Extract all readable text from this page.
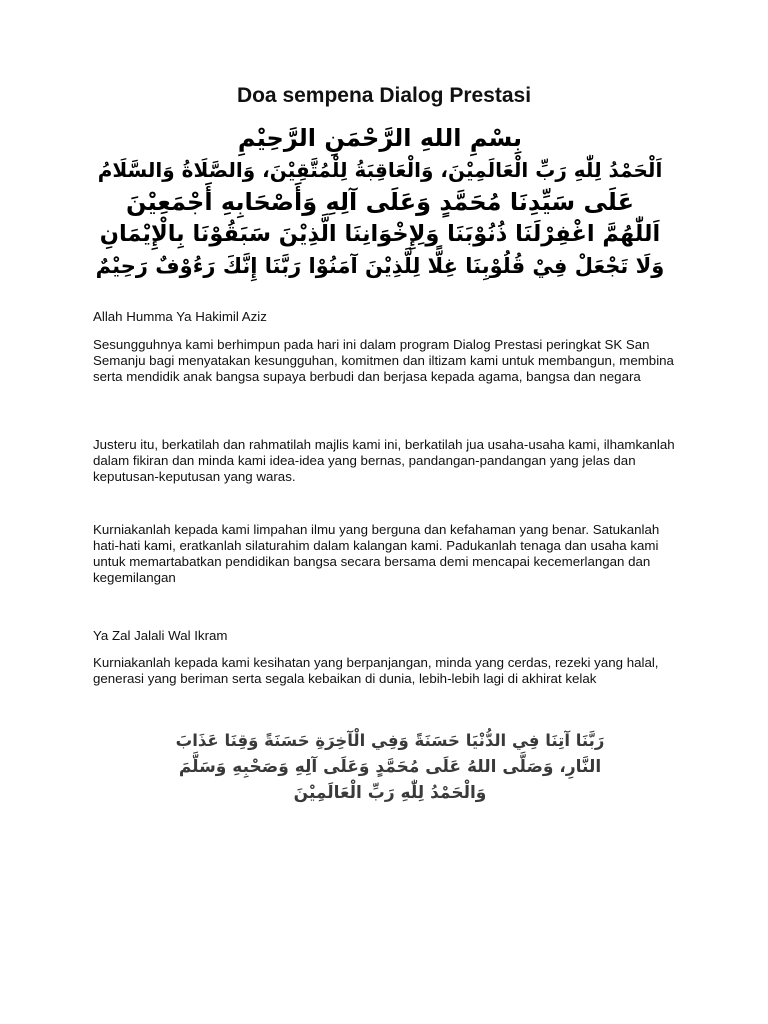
Doa sempena Dialog Prestasi
بِسْمِ اللهِ الرَّحْمَنِ الرَّحِيْمِ
اَلْحَمْدُ لِلّٰهِ رَبِّ الْعَالَمِيْنَ، وَالْعَاقِبَةُ لِلْمُتَّقِيْنَ، وَالصَّلَاةُ وَالسَّلَامُ
عَلَى سَيِّدِنَا مُحَمَّدٍ وَعَلَى آلِهِ وَأَصْحَابِهِ أَجْمَعِيْنَ
اَللّٰهُمَّ اغْفِرْلَنَا ذُنُوْبَنَا وَلِإِخْوَانِنَا الَّذِيْنَ سَبَقُوْنَا بِالْإِيْمَانِ
وَلَا تَجْعَلْ فِيْ قُلُوْبِنَا غِلًّا لِلَّذِيْنَ آمَنُوْا رَبَّنَا إِنَّكَ رَءُوْفٌ رَحِيْمٌ

Allah Humma Ya Hakimil Aziz

Sesungguhnya kami berhimpun pada hari ini dalam program Dialog Prestasi peringkat SK San Semanju bagi menyatakan kesungguhan, komitmen dan iltizam kami untuk membangun, membina serta mendidik anak bangsa supaya berbudi dan berjasa kepada agama, bangsa dan negara

Justeru itu, berkatilah dan rahmatilah majlis kami ini, berkatilah jua usaha-usaha kami, ilhamkanlah dalam fikiran dan minda kami idea-idea yang bernas, pandangan-pandangan yang jelas dan keputusan-keputusan yang waras.

Kurniakanlah kepada kami limpahan ilmu yang berguna dan kefahaman yang benar. Satukanlah hati-hati kami, eratkanlah silaturahim dalam kalangan kami. Padukanlah tenaga dan usaha kami untuk memartabatkan pendidikan bangsa secara bersama demi mencapai kecemerlangan dan kegemilangan

Ya Zal Jalali Wal Ikram

Kurniakanlah kepada kami kesihatan yang berpanjangan, minda yang cerdas, rezeki yang halal, generasi yang beriman serta segala kebaikan di dunia, lebih-lebih lagi di akhirat kelak

رَبَّنَا آتِنَا فِي الدُّنْيَا حَسَنَةً وَفِي الْآخِرَةِ حَسَنَةً وَقِنَا عَذَابَ
النَّارِ، وَصَلَّى اللهُ عَلَى مُحَمَّدٍ وَعَلَى آلِهِ وَصَحْبِهِ وَسَلَّمَ
وَالْحَمْدُ لِلّٰهِ رَبِّ الْعَالَمِيْنَ
